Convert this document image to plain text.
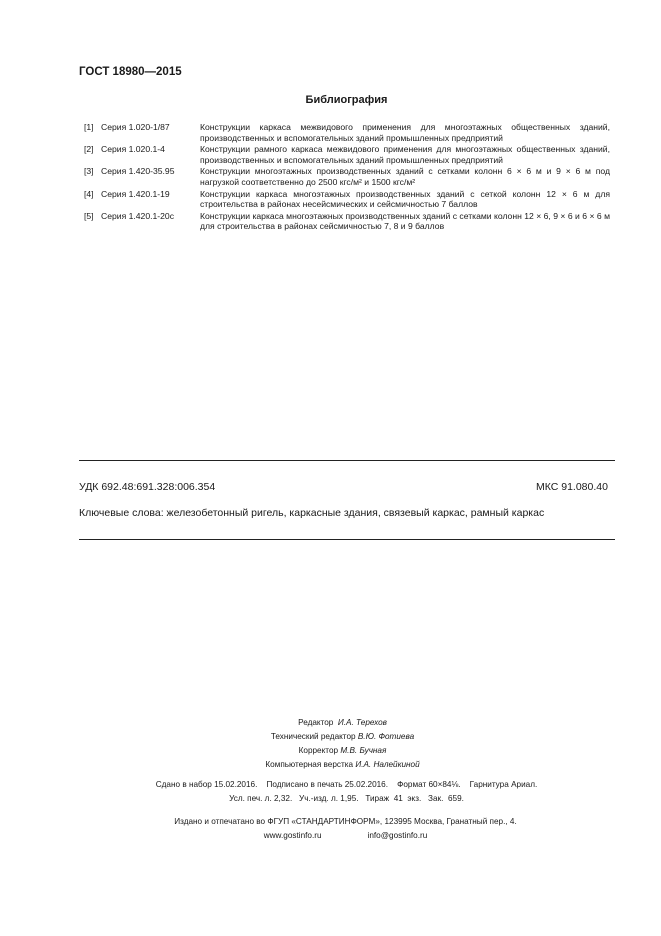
ГОСТ 18980—2015
Библиография
[1] Серия 1.020-1/87	Конструкции каркаса межвидового применения для многоэтажных общественных зданий, производственных и вспомогательных зданий промышленных предприятий
[2] Серия 1.020.1-4	Конструкции рамного каркаса межвидового применения для многоэтажных общественных зданий, производственных и вспомогательных зданий промышленных предприятий
[3] Серия 1.420-35.95	Конструкции многоэтажных производственных зданий с сетками колонн 6 × 6 м и 9 × 6 м под нагрузкой соответственно до 2500 кгс/м² и 1500 кгс/м²
[4] Серия 1.420.1-19	Конструкции каркаса многоэтажных производственных зданий с сеткой колонн 12 × 6 м для строительства в районах несейсмических и сейсмичностью 7 баллов
[5] Серия 1.420.1-20с	Конструкции каркаса многоэтажных производственных зданий с сетками колонн 12 × 6, 9 × 6 и 6 × 6 м для строительства в районах сейсмичностью 7, 8 и 9 баллов
УДК 692.48:691.328:006.354	МКС 91.080.40
Ключевые слова: железобетонный ригель, каркасные здания, связевый каркас, рамный каркас
Редактор И.А. Терехов
Технический редактор В.Ю. Фотиева
Корректор М.В. Бучная
Компьютерная верстка И.А. Налейкиной
Сдано в набор 15.02.2016.    Подписано в печать 25.02.2016.    Формат 60×84⅛.    Гарнитура Ариал.
Усл. печ. л. 2,32.   Уч.-изд. л. 1,95.   Тираж  41  экз.   Зак.  659.
Издано и отпечатано во ФГУП «СТАНДАРТИНФОРМ», 123995 Москва, Гранатный пер., 4.
www.gostinfo.ru	info@gostinfo.ru
